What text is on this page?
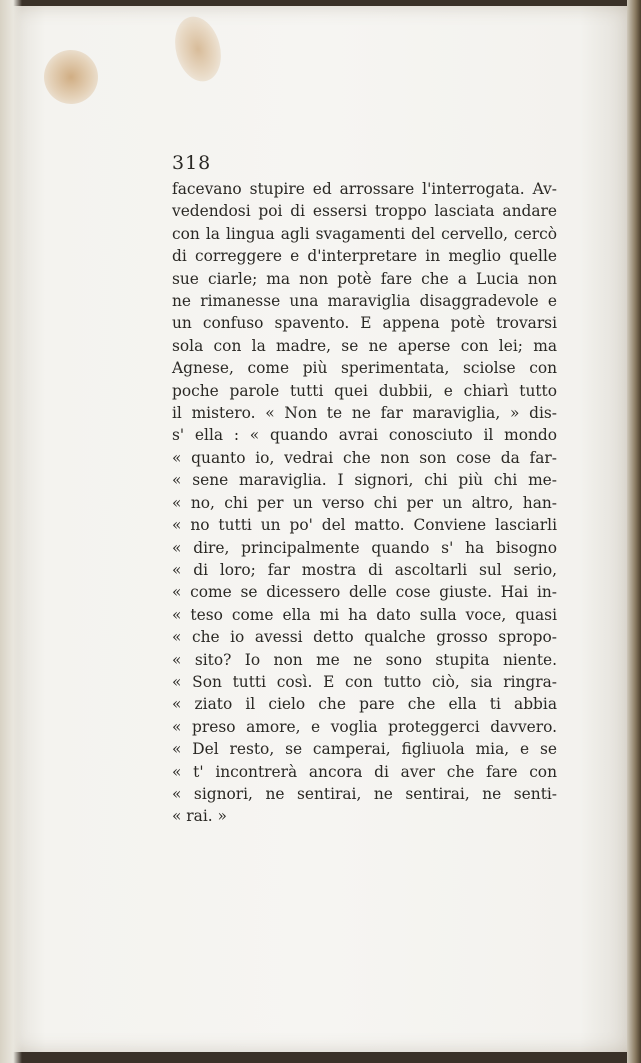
318
facevano stupire ed arrossare l'interrogata. Av-
vedendosi poi di essersi troppo lasciata andare
con la lingua agli svagamenti del cervello, cercò
di correggere e d'interpretare in meglio quelle
sue ciarle; ma non potè fare che a Lucia non
ne rimanesse una maraviglia disaggradevole e
un confuso spavento. E appena potè trovarsi
sola con la madre, se ne aperse con lei; ma
Agnese, come più sperimentata, sciolse con
poche parole tutti quei dubbii, e chiarì tutto
il mistero. « Non te ne far maraviglia, » dis-
s' ella : « quando avrai conosciuto il mondo
« quanto io, vedrai che non son cose da far-
« sene maraviglia. I signori, chi più chi me-
« no, chi per un verso chi per un altro, han-
« no tutti un po' del matto. Conviene lasciarli
« dire, principalmente quando s' ha bisogno
« di loro; far mostra di ascoltarli sul serio,
« come se dicessero delle cose giuste. Hai in-
« teso come ella mi ha dato sulla voce, quasi
« che io avessi detto qualche grosso spropo-
« sito? Io non me ne sono stupita niente.
« Son tutti così. E con tutto ciò, sia ringra-
« ziato il cielo che pare che ella ti abbia
« preso amore, e voglia proteggerci davvero.
« Del resto, se camperai, figliuola mia, e se
« t' incontrerà ancora di aver che fare con
« signori, ne sentirai, ne sentirai, ne senti-
« rai. »
